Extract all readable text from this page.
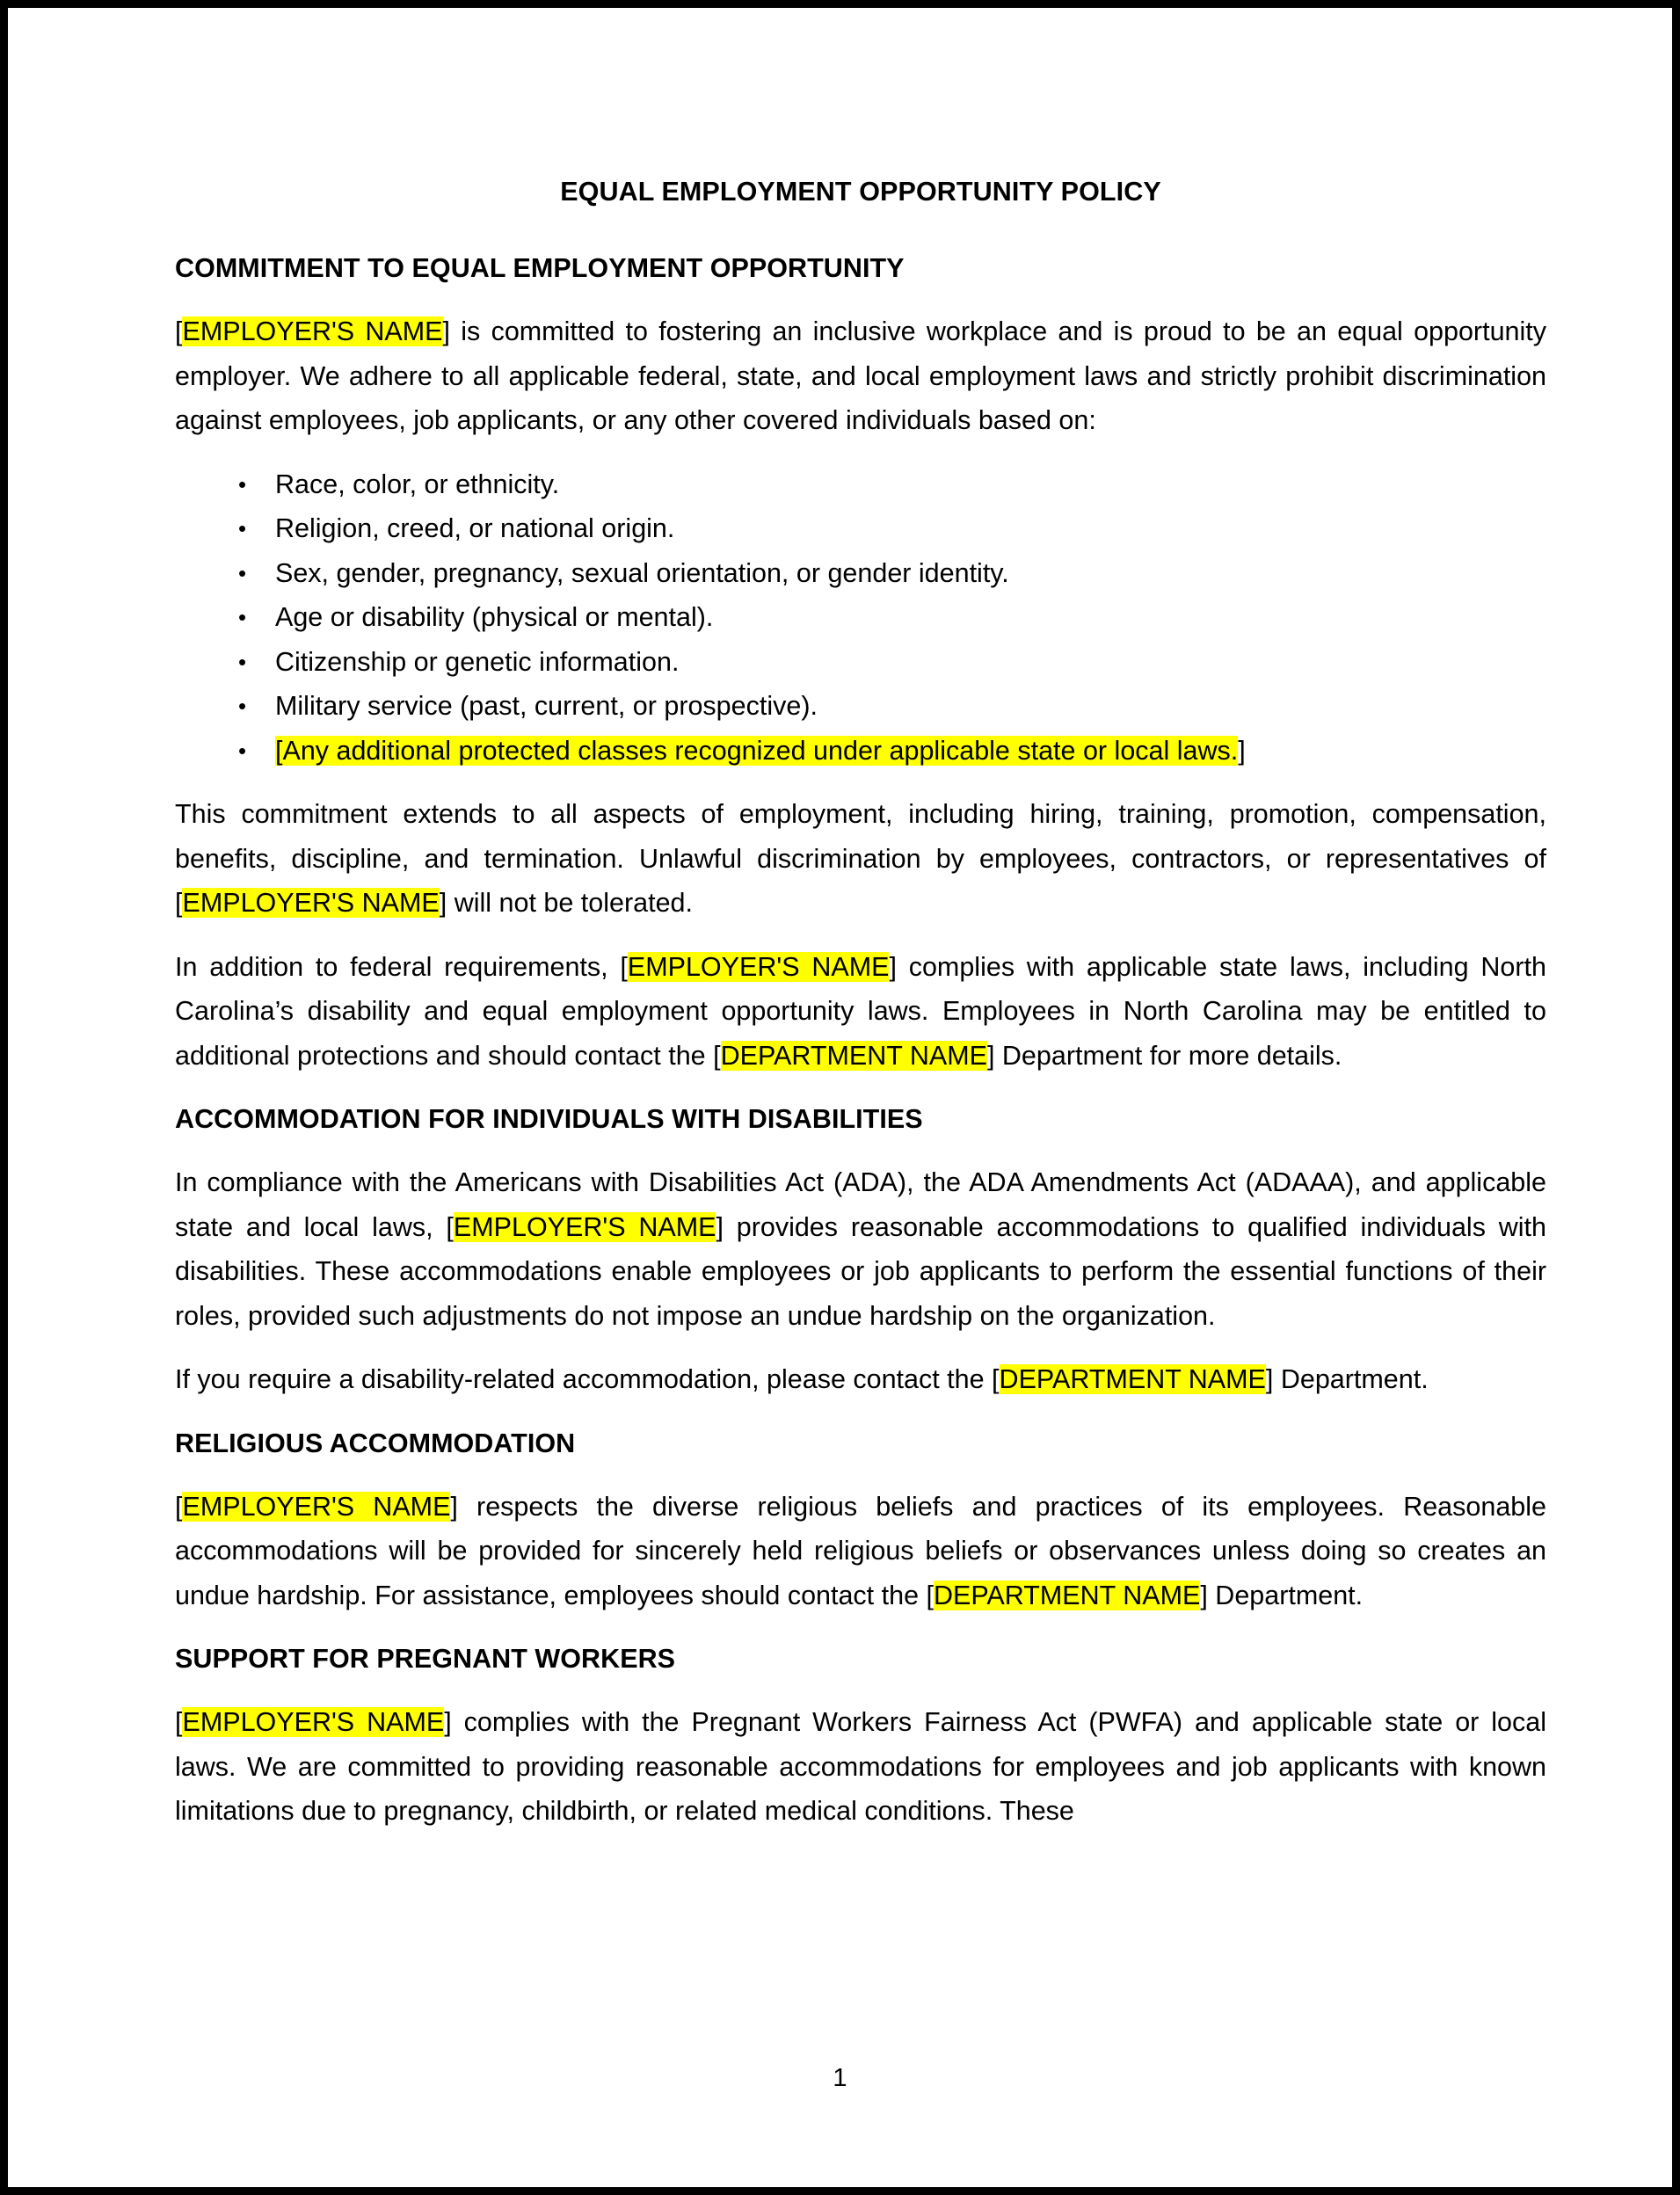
EQUAL EMPLOYMENT OPPORTUNITY POLICY
COMMITMENT TO EQUAL EMPLOYMENT OPPORTUNITY

[EMPLOYER'S NAME] is committed to fostering an inclusive workplace and is proud to be an equal opportunity employer. We adhere to all applicable federal, state, and local employment laws and strictly prohibit discrimination against employees, job applicants, or any other covered individuals based on:

• Race, color, or ethnicity.
• Religion, creed, or national origin.
• Sex, gender, pregnancy, sexual orientation, or gender identity.
• Age or disability (physical or mental).
• Citizenship or genetic information.
• Military service (past, current, or prospective).
• [Any additional protected classes recognized under applicable state or local laws.]

This commitment extends to all aspects of employment, including hiring, training, promotion, compensation, benefits, discipline, and termination. Unlawful discrimination by employees, contractors, or representatives of [EMPLOYER'S NAME] will not be tolerated.

In addition to federal requirements, [EMPLOYER'S NAME] complies with applicable state laws, including North Carolina’s disability and equal employment opportunity laws. Employees in North Carolina may be entitled to additional protections and should contact the [DEPARTMENT NAME] Department for more details.

ACCOMMODATION FOR INDIVIDUALS WITH DISABILITIES

In compliance with the Americans with Disabilities Act (ADA), the ADA Amendments Act (ADAAA), and applicable state and local laws, [EMPLOYER'S NAME] provides reasonable accommodations to qualified individuals with disabilities. These accommodations enable employees or job applicants to perform the essential functions of their roles, provided such adjustments do not impose an undue hardship on the organization.

If you require a disability-related accommodation, please contact the [DEPARTMENT NAME] Department.

RELIGIOUS ACCOMMODATION

[EMPLOYER'S NAME] respects the diverse religious beliefs and practices of its employees. Reasonable accommodations will be provided for sincerely held religious beliefs or observances unless doing so creates an undue hardship. For assistance, employees should contact the [DEPARTMENT NAME] Department.

SUPPORT FOR PREGNANT WORKERS

[EMPLOYER'S NAME] complies with the Pregnant Workers Fairness Act (PWFA) and applicable state or local laws. We are committed to providing reasonable accommodations for employees and job applicants with known limitations due to pregnancy, childbirth, or related medical conditions. These

1
